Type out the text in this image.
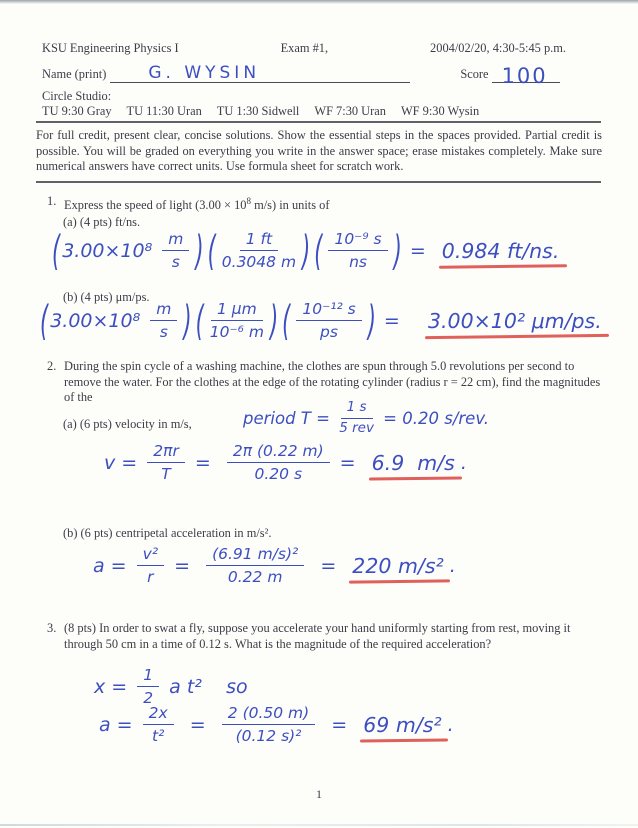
KSU Engineering Physics I	Exam #1,	2004/02/20, 4:30-5:45 p.m.
Name (print) G. WYSIN	Score 100
Circle Studio:
TU 9:30 Gray TU 11:30 Uran TU 1:30 Sidwell WF 7:30 Uran WF 9:30 Wysin
For full credit, present clear, concise solutions. Show the essential steps in the spaces provided. Partial credit is possible. You will be graded on everything you write in the answer space; erase mistakes completely. Make sure numerical answers have correct units. Use formula sheet for scratch work.
1. Express the speed of light ($3.00 \times 10^8$ m/s) in units of
(a) (4 pts) ft/ns.
( $3.00\times 10^8 \frac{m}{s}$ ) ( $\frac{1 ft}{0.3048 m}$ ) ( $\frac{\text{10⁻⁹ s}}{ns}$ ) = 0.984 ft/ns.
(b) (4 pts) μm/ps.
( $3.00\times 10^8 \frac{m}{s}$ ) ( $\frac{1 \mu m}{\text{10⁻⁶ m}}$ ) ( $\frac{\text{10⁻¹² s}}{ps}$ ) = 3.00×10² μm/ps.
2. During the spin cycle of a washing machine, the clothes are spun through 5.0 revolutions per second to remove the water. For the clothes at the edge of the rotating cylinder (radius r = 22 cm), find the magnitudes of the
period $T = \frac{1 s}{\text{5 rev}} = 0.20$ s/rev.
(a) (6 pts) velocity in m/s,
$v = \frac{2\pi r}{T} = \frac{2\pi (0.22 m)}{0.20 s} = 6.9$  m/s .
(b) (6 pts) centripetal acceleration in m/s².
$a = \frac{\text{v²}}{r} = \frac{\text{(6.91 m/s)²}}{0.22 m} = 220$ m/s² .
3. (8 pts) In order to swat a fly, suppose you accelerate your hand uniformly starting from rest, moving it through 50 cm in a time of 0.12 s. What is the magnitude of the required acceleration?
$x = \frac{1}{2}$ a t²    so
$a = \frac{2x}{\text{t²}} = \frac{2 (0.50 m)}{\text{(0.12 s)²}} = 69$ m/s² .
1
